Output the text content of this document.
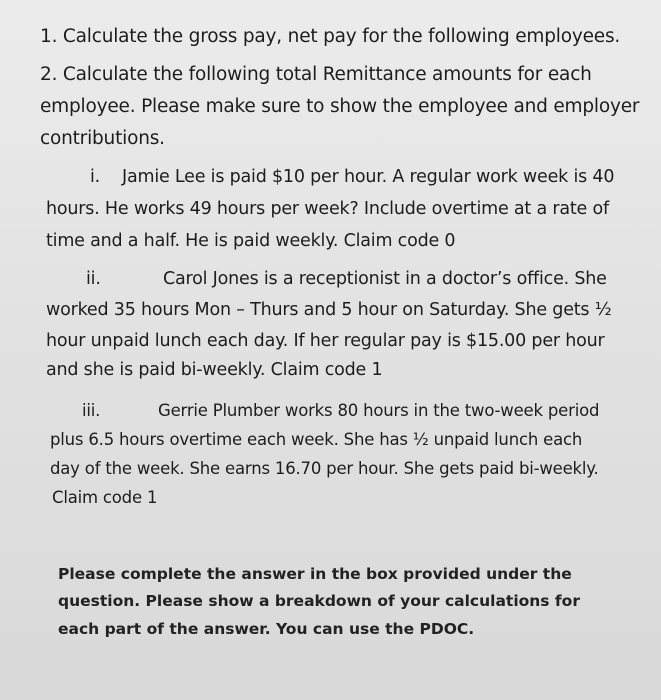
1. Calculate the gross pay, net pay for the following employees.
2. Calculate the following total Remittance amounts for each
employee. Please make sure to show the employee and employer
contributions.
i. Jamie Lee is paid $10 per hour. A regular work week is 40
hours. He works 49 hours per week? Include overtime at a rate of
time and a half. He is paid weekly. Claim code 0
ii.	Carol Jones is a receptionist in a doctor’s office. She
worked 35 hours Mon – Thurs and 5 hour on Saturday. She gets ½
hour unpaid lunch each day. If her regular pay is $15.00 per hour
and she is paid bi-weekly. Claim code 1
iii.	Gerrie Plumber works 80 hours in the two-week period
plus 6.5 hours overtime each week. She has ½ unpaid lunch each
day of the week. She earns 16.70 per hour. She gets paid bi-weekly.
Claim code 1
Please complete the answer in the box provided under the
question. Please show a breakdown of your calculations for
each part of the answer. You can use the PDOC.
